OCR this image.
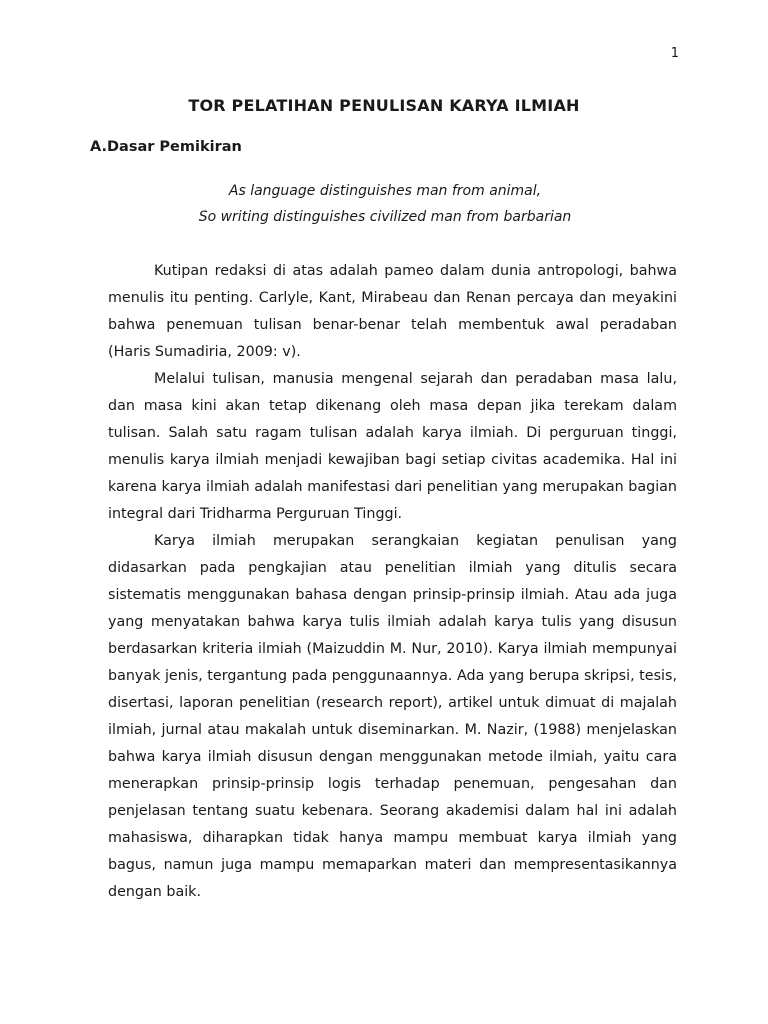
1
TOR PELATIHAN PENULISAN KARYA ILMIAH
A.Dasar Pemikiran
As language distinguishes man from animal,
So writing distinguishes civilized man from barbarian

Kutipan redaksi di atas adalah pameo dalam dunia antropologi, bahwa menulis itu penting. Carlyle, Kant, Mirabeau dan Renan percaya dan meyakini bahwa penemuan tulisan benar-benar telah membentuk awal peradaban (Haris Sumadiria, 2009: v).

Melalui tulisan, manusia mengenal sejarah dan peradaban masa lalu, dan masa kini akan tetap dikenang oleh masa depan jika terekam dalam tulisan. Salah satu ragam tulisan adalah karya ilmiah. Di perguruan tinggi, menulis karya ilmiah menjadi kewajiban bagi setiap civitas academika. Hal ini karena karya ilmiah adalah manifestasi dari penelitian yang merupakan bagian integral dari Tridharma Perguruan Tinggi.

Karya ilmiah merupakan serangkaian kegiatan penulisan yang didasarkan pada pengkajian atau penelitian ilmiah yang ditulis secara sistematis menggunakan bahasa dengan prinsip-prinsip ilmiah. Atau ada juga yang menyatakan bahwa karya tulis ilmiah adalah karya tulis yang disusun berdasarkan kriteria ilmiah (Maizuddin M. Nur, 2010). Karya ilmiah mempunyai banyak jenis, tergantung pada penggunaannya. Ada yang berupa skripsi, tesis, disertasi, laporan penelitian (research report), artikel untuk dimuat di majalah ilmiah, jurnal atau makalah untuk diseminarkan. M. Nazir, (1988) menjelaskan bahwa karya ilmiah disusun dengan menggunakan metode ilmiah, yaitu cara menerapkan prinsip-prinsip logis terhadap penemuan, pengesahan dan penjelasan tentang suatu kebenara. Seorang akademisi dalam hal ini adalah mahasiswa, diharapkan tidak hanya mampu membuat karya ilmiah yang bagus, namun juga mampu memaparkan materi dan mempresentasikannya dengan baik.
